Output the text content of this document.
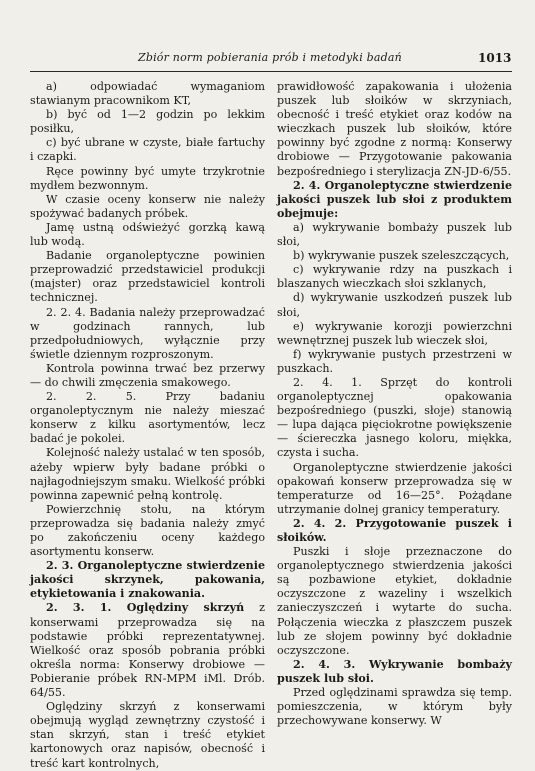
Zbiór norm pobierania prób i metodyki badań	1013

a) odpowiadać wymaganiom stawianym pracownikom KT,

b) być od 1—2 godzin po lekkim posiłku,

c) być ubrane w czyste, białe fartuchy i czapki.

Ręce powinny być umyte trzykrotnie mydłem bezwonnym.

W czasie oceny konserw nie należy spożywać badanych próbek.

Jamę ustną odświeżyć gorzką kawą lub wodą.

Badanie organoleptyczne powinien przeprowadzić przedstawiciel produkcji (majster) oraz przedstawiciel kontroli technicznej.

2. 2. 4. Badania należy przeprowadzać w godzinach rannych, lub przedpołudniowych, wyłącznie przy świetle dziennym rozproszonym.

Kontrola powinna trwać bez przerwy — do chwili zmęczenia smakowego.

2. 2. 5. Przy badaniu organoleptycznym nie należy mieszać konserw z kilku asortymentów, lecz badać je pokolei.

Kolejność należy ustalać w ten sposób, ażeby wpierw były badane próbki o najłagodniejszym smaku. Wielkość próbki powinna zapewnić pełną kontrolę.

Powierzchnię stołu, na którym przeprowadza się badania należy zmyć po zakończeniu oceny każdego asortymentu konserw.

2. 3. Organoleptyczne stwierdzenie jakości skrzynek, pakowania, etykietowania i znakowania.

2. 3. 1. Oględziny skrzyń z konserwami przeprowadza się na podstawie próbki reprezentatywnej. Wielkość oraz sposób pobrania próbki określa norma: Konserwy drobiowe — Pobieranie próbek RN-MPM iMl. Drób. 64/55.

Oględziny skrzyń z konserwami obejmują wygląd zewnętrzny czystość i stan skrzyń, stan i treść etykiet kartonowych oraz napisów, obecność i treść kart kontrolnych,

prawidłowość zapakowania i ułożenia puszek lub słoików w skrzyniach, obecność i treść etykiet oraz kodów na wieczkach puszek lub słoików, które powinny być zgodne z normą: Konserwy drobiowe — Przygotowanie pakowania bezpośredniego i sterylizacja ZN-JD-6/55.

2. 4. Organoleptyczne stwierdzenie jakości puszek lub słoi z produktem obejmuje:

a) wykrywanie bombaży puszek lub słoi,

b) wykrywanie puszek szeleszczących,

c) wykrywanie rdzy na puszkach i blaszanych wieczkach słoi szklanych,

d) wykrywanie uszkodzeń puszek lub słoi,

e) wykrywanie korozji powierzchni wewnętrznej puszek lub wieczek słoi,

f) wykrywanie pustych przestrzeni w puszkach.

2. 4. 1. Sprzęt do kontroli organoleptycznej opakowania bezpośredniego (puszki, słoje) stanowią — lupa dająca pięciokrotne powiększenie — ściereczka jasnego koloru, miękka, czysta i sucha.

Organoleptyczne stwierdzenie jakości opakowań konserw przeprowadza się w temperaturze od 16—25°. Pożądane utrzymanie dolnej granicy temperatury.

2. 4. 2. Przygotowanie puszek i słoików.

Puszki i słoje przeznaczone do organoleptycznego stwierdzenia jakości są pozbawione etykiet, dokładnie oczyszczone z wazeliny i wszelkich zanieczyszczeń i wytarte do sucha. Połączenia wieczka z płaszczem puszek lub ze słojem powinny być dokładnie oczyszczone.

2. 4. 3. Wykrywanie bombaży puszek lub słoi.

Przed oględzinami sprawdza się temp. pomieszczenia, w którym były przechowywane konserwy. W
